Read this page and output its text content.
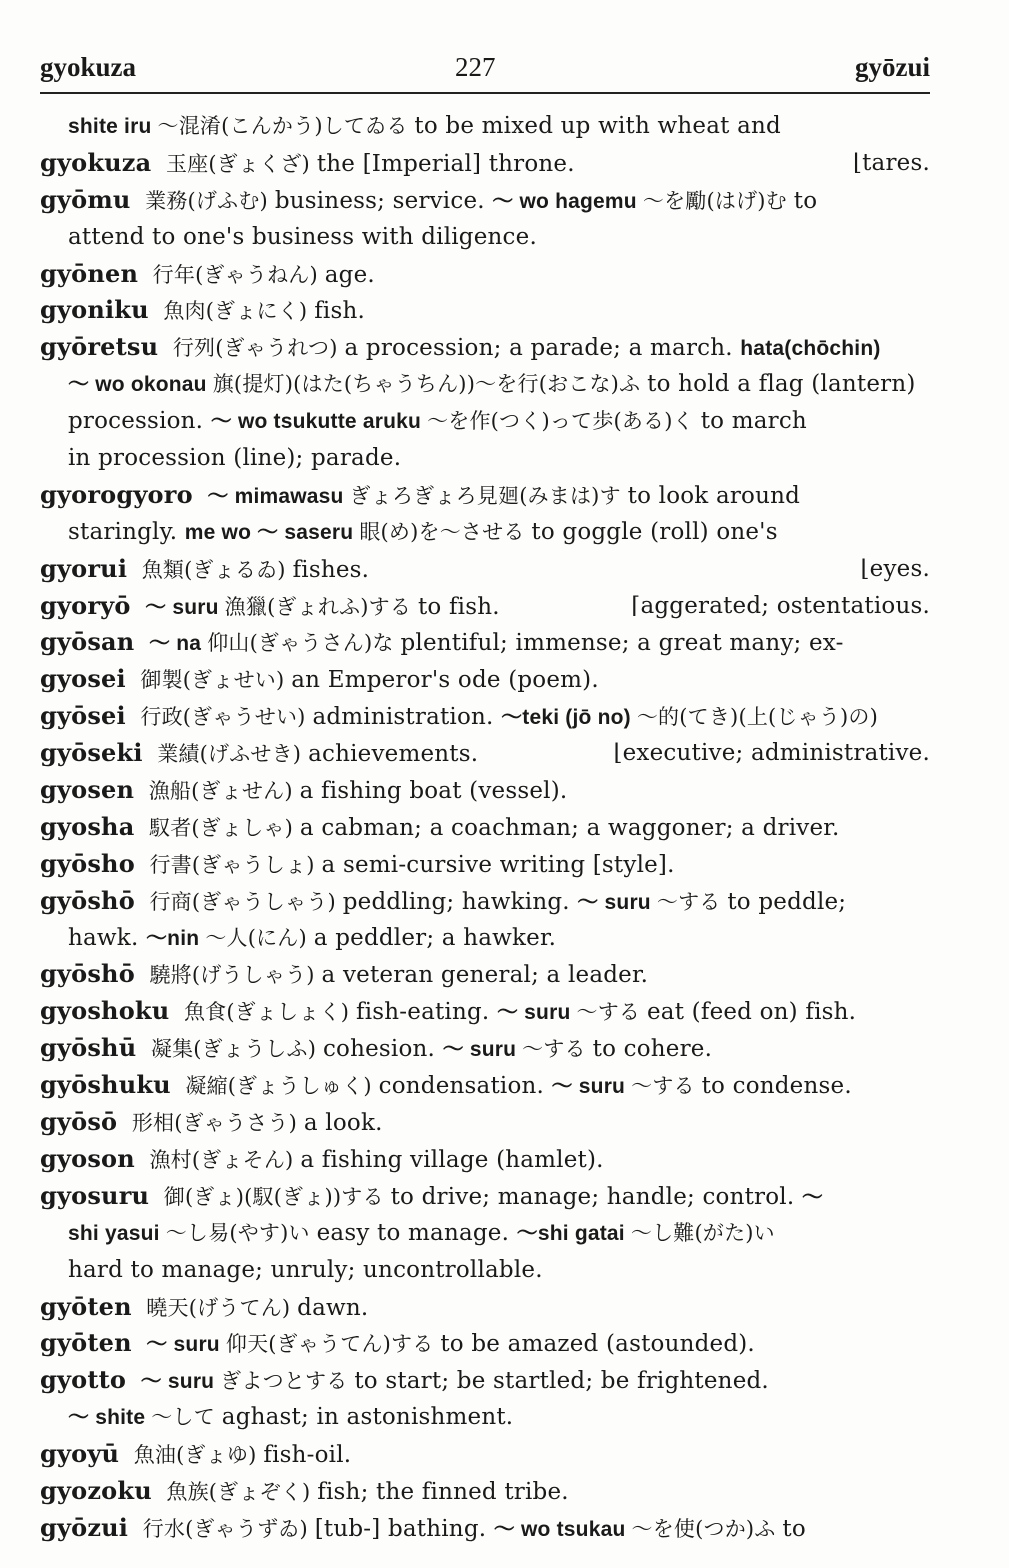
gyokuza	227	gyōzui
shite iru 〜混淆(こんかう)してゐる to be mixed up with wheat and
⌊tares.
gyokuza 玉座(ぎょくざ) the [Imperial] throne.
gyōmu 業務(げふむ) business; service. 〜 wo hagemu 〜を勵(はげ)む to
attend to one's business with diligence.
gyōnen 行年(ぎゃうねん) age.
gyoniku 魚肉(ぎょにく) fish.
gyōretsu 行列(ぎゃうれつ) a procession; a parade; a march. hata(chōchin)
〜 wo okonau 旗(提灯)(はた(ちゃうちん))〜を行(おこな)ふ to hold a flag (lantern)
procession. 〜 wo tsukutte aruku 〜を作(つく)って歩(ある)く to march
in procession (line); parade.
gyorogyoro 〜 mimawasu ぎょろぎょろ見廻(みまは)す to look around
staringly. me wo 〜 saseru 眼(め)を〜させる to goggle (roll) one's
⌊eyes.
gyorui 魚類(ぎょるゐ) fishes.
⌈aggerated; ostentatious.
gyoryō 〜 suru 漁獵(ぎょれふ)する to fish.
gyōsan 〜 na 仰山(ぎゃうさん)な plentiful; immense; a great many; ex-
gyosei 御製(ぎょせい) an Emperor's ode (poem).
gyōsei 行政(ぎゃうせい) administration. 〜teki (jō no) 〜的(てき)(上(じゃう)の)
⌊executive; administrative.
gyōseki 業績(げふせき) achievements.
gyosen 漁船(ぎょせん) a fishing boat (vessel).
gyosha 馭者(ぎょしゃ) a cabman; a coachman; a waggoner; a driver.
gyōsho 行書(ぎゃうしょ) a semi-cursive writing [style].
gyōshō 行商(ぎゃうしゃう) peddling; hawking. 〜 suru 〜する to peddle;
hawk. 〜nin 〜人(にん) a peddler; a hawker.
gyōshō 驍將(げうしゃう) a veteran general; a leader.
gyoshoku 魚食(ぎょしょく) fish-eating. 〜 suru 〜する eat (feed on) fish.
gyōshū 凝集(ぎょうしふ) cohesion. 〜 suru 〜する to cohere.
gyōshuku 凝縮(ぎょうしゅく) condensation. 〜 suru 〜する to condense.
gyōsō 形相(ぎゃうさう) a look.
gyoson 漁村(ぎょそん) a fishing village (hamlet).
gyosuru 御(ぎょ)(馭(ぎょ))する to drive; manage; handle; control. 〜
shi yasui 〜し易(やす)い easy to manage. 〜shi gatai 〜し難(がた)い
hard to manage; unruly; uncontrollable.
gyōten 曉天(げうてん) dawn.
gyōten 〜 suru 仰天(ぎゃうてん)する to be amazed (astounded).
gyotto 〜 suru ぎよつとする to start; be startled; be frightened.
〜 shite 〜して aghast; in astonishment.
gyoyū 魚油(ぎょゆ) fish-oil.
gyozoku 魚族(ぎょぞく) fish; the finned tribe.
gyōzui 行水(ぎゃうずゐ) [tub-] bathing. 〜 wo tsukau 〜を使(つか)ふ to
